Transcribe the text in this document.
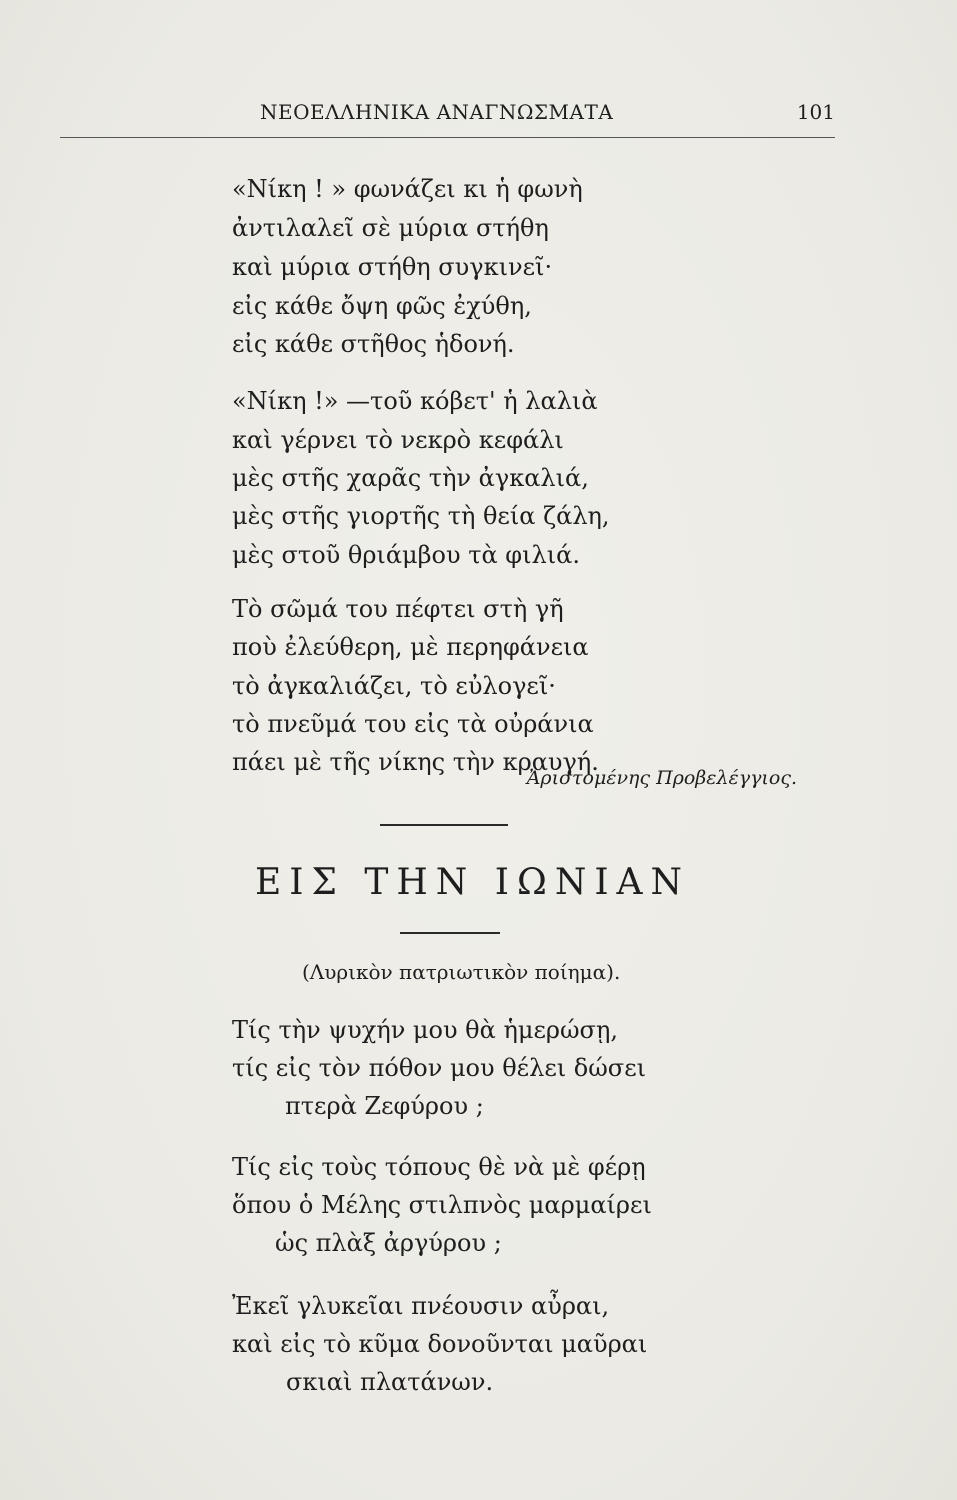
ΝΕΟΕΛΛΗΝΙΚΑ ΑΝΑΓΝΩΣΜΑΤΑ	101
«Νίκη ! » φωνάζει κι ἡ φωνὴ
ἀντιλαλεῖ σὲ μύρια στήθη
καὶ μύρια στήθη συγκινεῖ·
εἰς κάθε ὄψη φῶς ἐχύθη,
εἰς κάθε στῆθος ἡδονή.
«Νίκη !» —τοῦ κόβετ' ἡ λαλιὰ
καὶ γέρνει τὸ νεκρὸ κεφάλι
μὲς στῆς χαρᾶς τὴν ἀγκαλιά,
μὲς στῆς γιορτῆς τὴ θεία ζάλη,
μὲς στοῦ θριάμβου τὰ φιλιά.
Τὸ σῶμά του πέφτει στὴ γῆ
ποὺ ἐλεύθερη, μὲ περηφάνεια
τὸ ἀγκαλιάζει, τὸ εὐλογεῖ·
τὸ πνεῦμά του εἰς τὰ οὐράνια
πάει μὲ τῆς νίκης τὴν κραυγή.
Ἀριστομένης Προβελέγγιος.
ΕΙΣ ΤΗΝ ΙΩΝΙΑΝ
(Λυρικὸν πατριωτικὸν ποίημα).
Τίς τὴν ψυχήν μου θὰ ἡμερώσῃ,
τίς εἰς τὸν πόθον μου θέλει δώσει
πτερὰ Ζεφύρου ;
Τίς εἰς τοὺς τόπους θὲ νὰ μὲ φέρῃ
ὅπου ὁ Μέλης στιλπνὸς μαρμαίρει
ὡς πλὰξ ἀργύρου ;
Ἐκεῖ γλυκεῖαι πνέουσιν αὖραι,
καὶ εἰς τὸ κῦμα δονοῦνται μαῦραι
σκιαὶ πλατάνων.
